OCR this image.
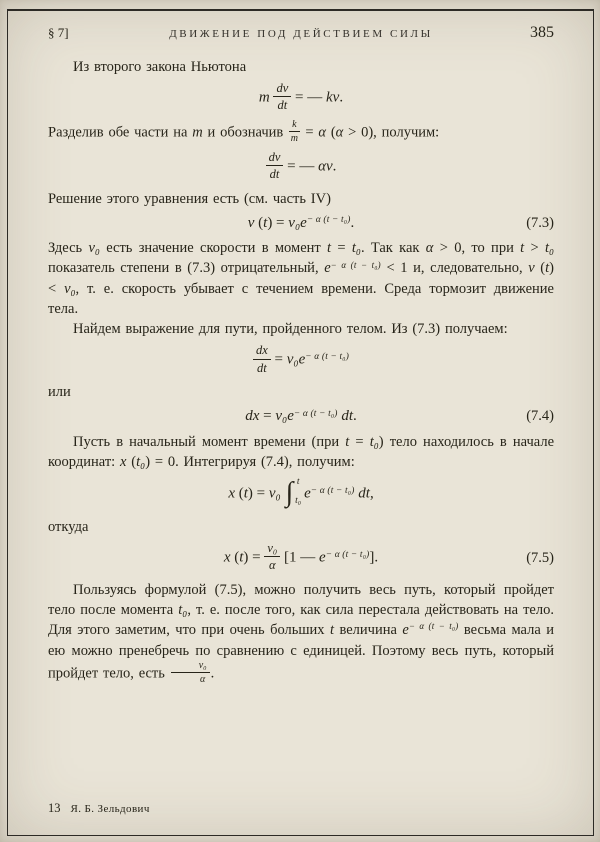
§ 7]	ДВИЖЕНИЕ ПОД ДЕЙСТВИЕМ СИЛЫ	385

Из второго закона Ньютона

m $\frac{dv}{dt}$ = — kv.

Разделив обе части на m и обозначив $\frac{k}{m} = \alpha$ (α > 0), получим:

$\frac{dv}{dt}$ = — αv.

Решение этого уравнения есть (см. часть IV)

v $(t) = v_0e^{- \alpha (t - t_0)}$.	(7.3)

Здесь v₀ есть значение скорости в момент t = t₀. Так как α > 0, то при t > t₀ показатель степени в (7.3) отрицательный, $e^{- \alpha (t - t_0)} < 1$ и, следовательно, v (t) < v₀, т. е. скорость убывает с течением времени. Среда тормозит движение тела.

Найдем выражение для пути, пройденного телом. Из (7.3) получаем:

$\frac{dx}{dt} = v_0e^{- \alpha (t - t_0)}$

или

dx = $v_0e^{- \alpha (t - t_0)}$ dt.	(7.4)

Пусть в начальный момент времени (при t = t₀) тело находилось в начале координат: x (t₀) = 0. Интегрируя (7.4), получим:

x (t) = v₀ ∫ t
t₀ $e^{- \alpha (t - t_0)}$ dt,

откуда

x $(t) = \frac{\text{v₀}}{\alpha} [1$ — $e^{- \alpha (t - t_0)}$].	(7.5)

Пользуясь формулой (7.5), можно получить весь путь, который пройдет тело после момента t₀, т. е. после того, как сила перестала действовать на тело. Для этого заметим, что при очень больших t величина $e^{- \alpha (t - t_0)}$ весьма мала и ею можно пренебречь по сравнению с единицей. Поэтому весь путь, который пройдет тело, есть $\frac{\text{v₀}}{\alpha}$ .

13 Я. Б. Зельдович
